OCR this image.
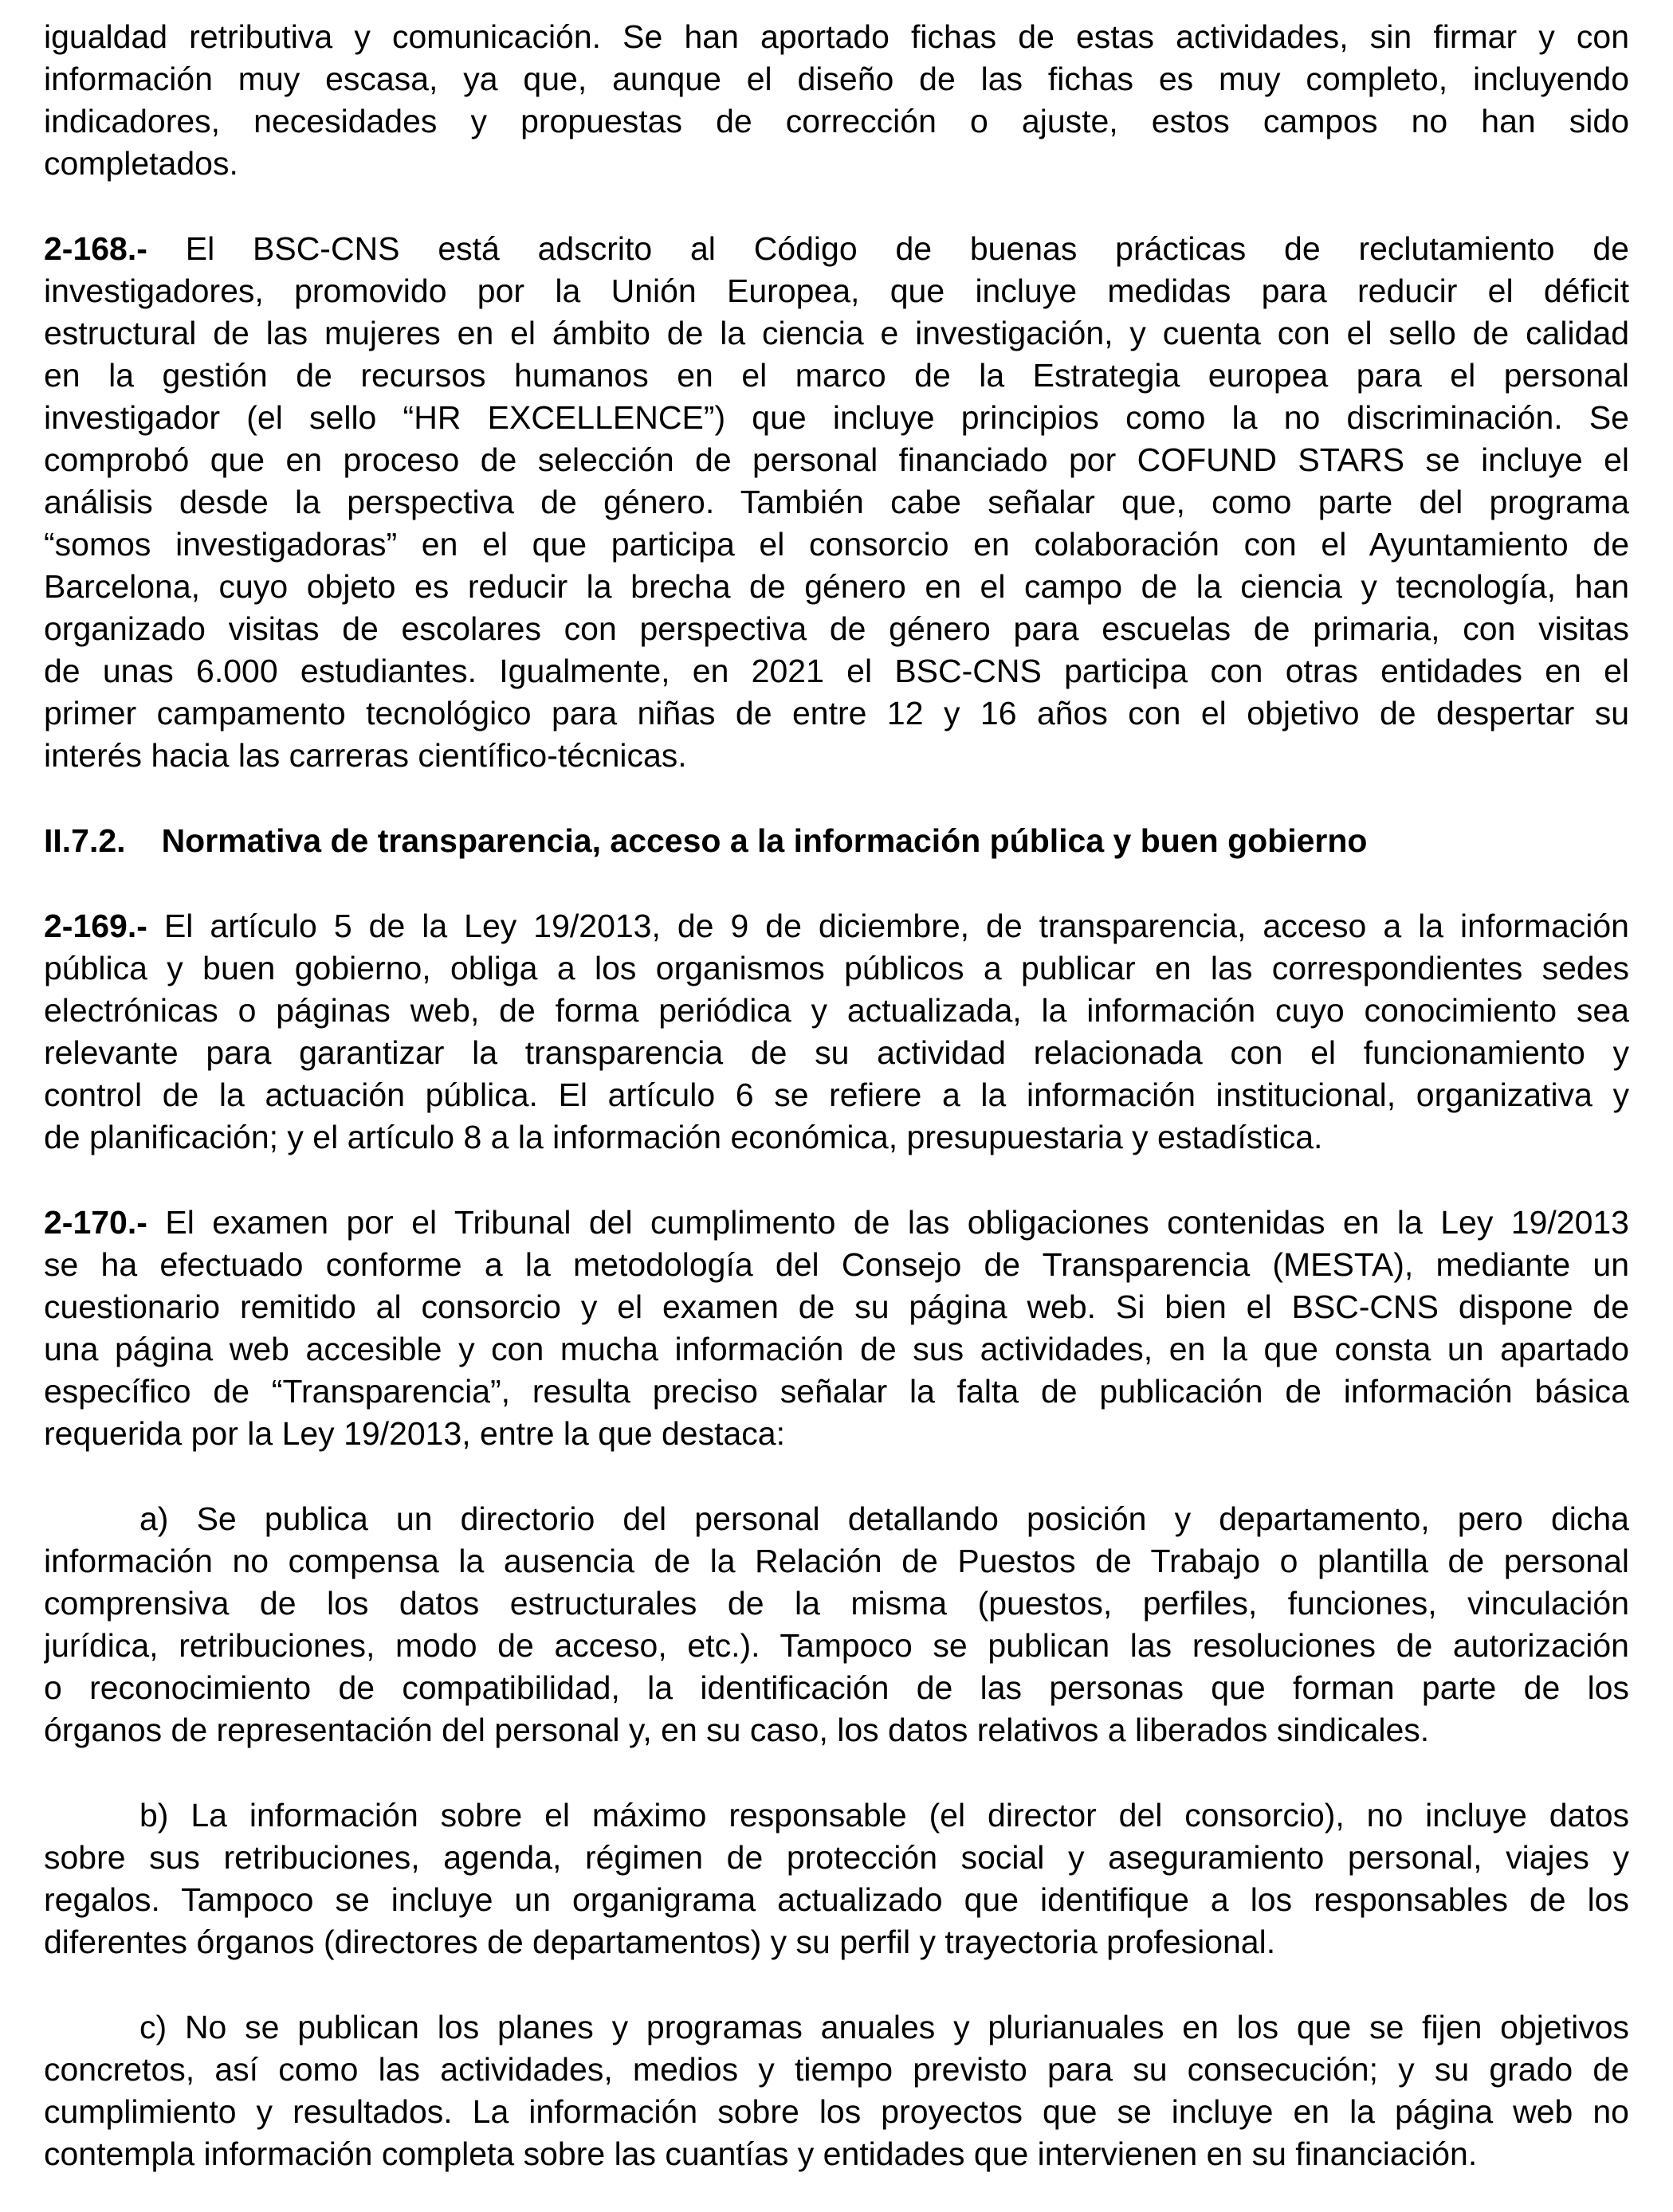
igualdad retributiva y comunicación. Se han aportado fichas de estas actividades, sin firmar y con
información muy escasa, ya que, aunque el diseño de las fichas es muy completo, incluyendo
indicadores, necesidades y propuestas de corrección o ajuste, estos campos no han sido
completados.

2-168.- El BSC-CNS está adscrito al Código de buenas prácticas de reclutamiento de
investigadores, promovido por la Unión Europea, que incluye medidas para reducir el déficit
estructural de las mujeres en el ámbito de la ciencia e investigación, y cuenta con el sello de calidad
en la gestión de recursos humanos en el marco de la Estrategia europea para el personal
investigador (el sello “HR EXCELLENCE”) que incluye principios como la no discriminación. Se
comprobó que en proceso de selección de personal financiado por COFUND STARS se incluye el
análisis desde la perspectiva de género. También cabe señalar que, como parte del programa
“somos investigadoras” en el que participa el consorcio en colaboración con el Ayuntamiento de
Barcelona, cuyo objeto es reducir la brecha de género en el campo de la ciencia y tecnología, han
organizado visitas de escolares con perspectiva de género para escuelas de primaria, con visitas
de unas 6.000 estudiantes. Igualmente, en 2021 el BSC-CNS participa con otras entidades en el
primer campamento tecnológico para niñas de entre 12 y 16 años con el objetivo de despertar su
interés hacia las carreras científico-técnicas.

II.7.2. Normativa de transparencia, acceso a la información pública y buen gobierno

2-169.- El artículo 5 de la Ley 19/2013, de 9 de diciembre, de transparencia, acceso a la información
pública y buen gobierno, obliga a los organismos públicos a publicar en las correspondientes sedes
electrónicas o páginas web, de forma periódica y actualizada, la información cuyo conocimiento sea
relevante para garantizar la transparencia de su actividad relacionada con el funcionamiento y
control de la actuación pública. El artículo 6 se refiere a la información institucional, organizativa y
de planificación; y el artículo 8 a la información económica, presupuestaria y estadística.

2-170.- El examen por el Tribunal del cumplimento de las obligaciones contenidas en la Ley 19/2013
se ha efectuado conforme a la metodología del Consejo de Transparencia (MESTA), mediante un
cuestionario remitido al consorcio y el examen de su página web. Si bien el BSC-CNS dispone de
una página web accesible y con mucha información de sus actividades, en la que consta un apartado
específico de “Transparencia”, resulta preciso señalar la falta de publicación de información básica
requerida por la Ley 19/2013, entre la que destaca:

a) Se publica un directorio del personal detallando posición y departamento, pero dicha
información no compensa la ausencia de la Relación de Puestos de Trabajo o plantilla de personal
comprensiva de los datos estructurales de la misma (puestos, perfiles, funciones, vinculación
jurídica, retribuciones, modo de acceso, etc.). Tampoco se publican las resoluciones de autorización
o reconocimiento de compatibilidad, la identificación de las personas que forman parte de los
órganos de representación del personal y, en su caso, los datos relativos a liberados sindicales.

b) La información sobre el máximo responsable (el director del consorcio), no incluye datos
sobre sus retribuciones, agenda, régimen de protección social y aseguramiento personal, viajes y
regalos. Tampoco se incluye un organigrama actualizado que identifique a los responsables de los
diferentes órganos (directores de departamentos) y su perfil y trayectoria profesional.

c) No se publican los planes y programas anuales y plurianuales en los que se fijen objetivos
concretos, así como las actividades, medios y tiempo previsto para su consecución; y su grado de
cumplimiento y resultados. La información sobre los proyectos que se incluye en la página web no
contempla información completa sobre las cuantías y entidades que intervienen en su financiación.
